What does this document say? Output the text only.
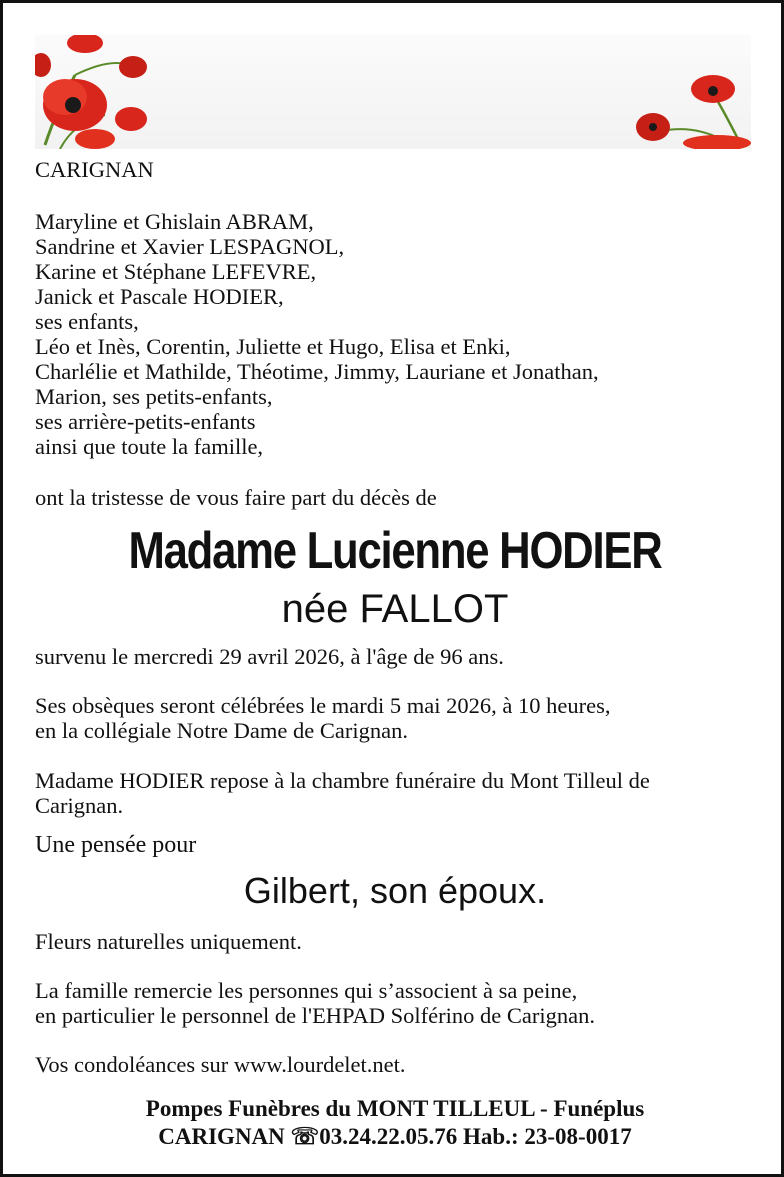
CARIGNAN
Maryline et Ghislain ABRAM,
Sandrine et Xavier LESPAGNOL,
Karine et Stéphane LEFEVRE,
Janick et Pascale HODIER,
ses enfants,
Léo et Inès, Corentin, Juliette et Hugo, Elisa et Enki,
Charlélie et Mathilde, Théotime, Jimmy, Lauriane et Jonathan,
Marion, ses petits-enfants,
ses arrière-petits-enfants
ainsi que toute la famille,
ont la tristesse de vous faire part du décès de
Madame Lucienne HODIER
née FALLOT
survenu le mercredi 29 avril 2026, à l'âge de 96 ans.
Ses obsèques seront célébrées le mardi 5 mai 2026, à 10 heures,
en la collégiale Notre Dame de Carignan.
Madame HODIER repose à la chambre funéraire du Mont Tilleul de
Carignan.
Une pensée pour
Gilbert, son époux.
Fleurs naturelles uniquement.
La famille remercie les personnes qui s’associent à sa peine,
en particulier le personnel de l'EHPAD Solférino de Carignan.
Vos condoléances sur www.lourdelet.net.
Pompes Funèbres du MONT TILLEUL - Funéplus
CARIGNAN ☏03.24.22.05.76 Hab.: 23-08-0017
